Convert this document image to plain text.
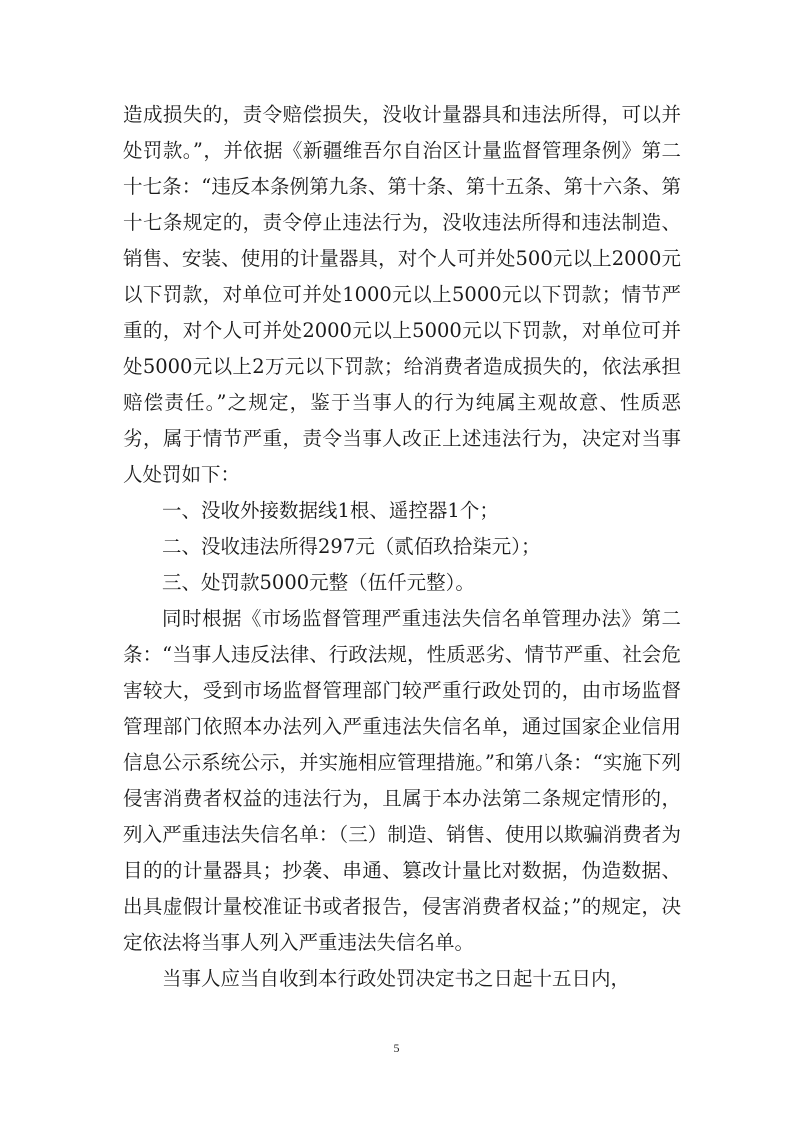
造成损失的，责令赔偿损失，没收计量器具和违法所得，可以并处罚款。”，并依据《新疆维吾尔自治区计量监督管理条例》第二十七条：“违反本条例第九条、第十条、第十五条、第十六条、第十七条规定的，责令停止违法行为，没收违法所得和违法制造、销售、安装、使用的计量器具，对个人可并处500元以上2000元以下罚款，对单位可并处1000元以上5000元以下罚款；情节严重的，对个人可并处2000元以上5000元以下罚款，对单位可并处5000元以上2万元以下罚款；给消费者造成损失的，依法承担赔偿责任。”之规定，鉴于当事人的行为纯属主观故意、性质恶劣，属于情节严重，责令当事人改正上述违法行为，决定对当事人处罚如下：

一、没收外接数据线1根、遥控器1个；

二、没收违法所得297元（贰佰玖拾柒元）；

三、处罚款5000元整（伍仟元整）。

同时根据《市场监督管理严重违法失信名单管理办法》第二条：“当事人违反法律、行政法规，性质恶劣、情节严重、社会危害较大，受到市场监督管理部门较严重行政处罚的，由市场监督管理部门依照本办法列入严重违法失信名单，通过国家企业信用信息公示系统公示，并实施相应管理措施。”和第八条：“实施下列侵害消费者权益的违法行为，且属于本办法第二条规定情形的，列入严重违法失信名单：（三）制造、销售、使用以欺骗消费者为目的的计量器具；抄袭、串通、篡改计量比对数据，伪造数据、出具虚假计量校准证书或者报告，侵害消费者权益；”的规定，决定依法将当事人列入严重违法失信名单。

当事人应当自收到本行政处罚决定书之日起十五日内，

5
